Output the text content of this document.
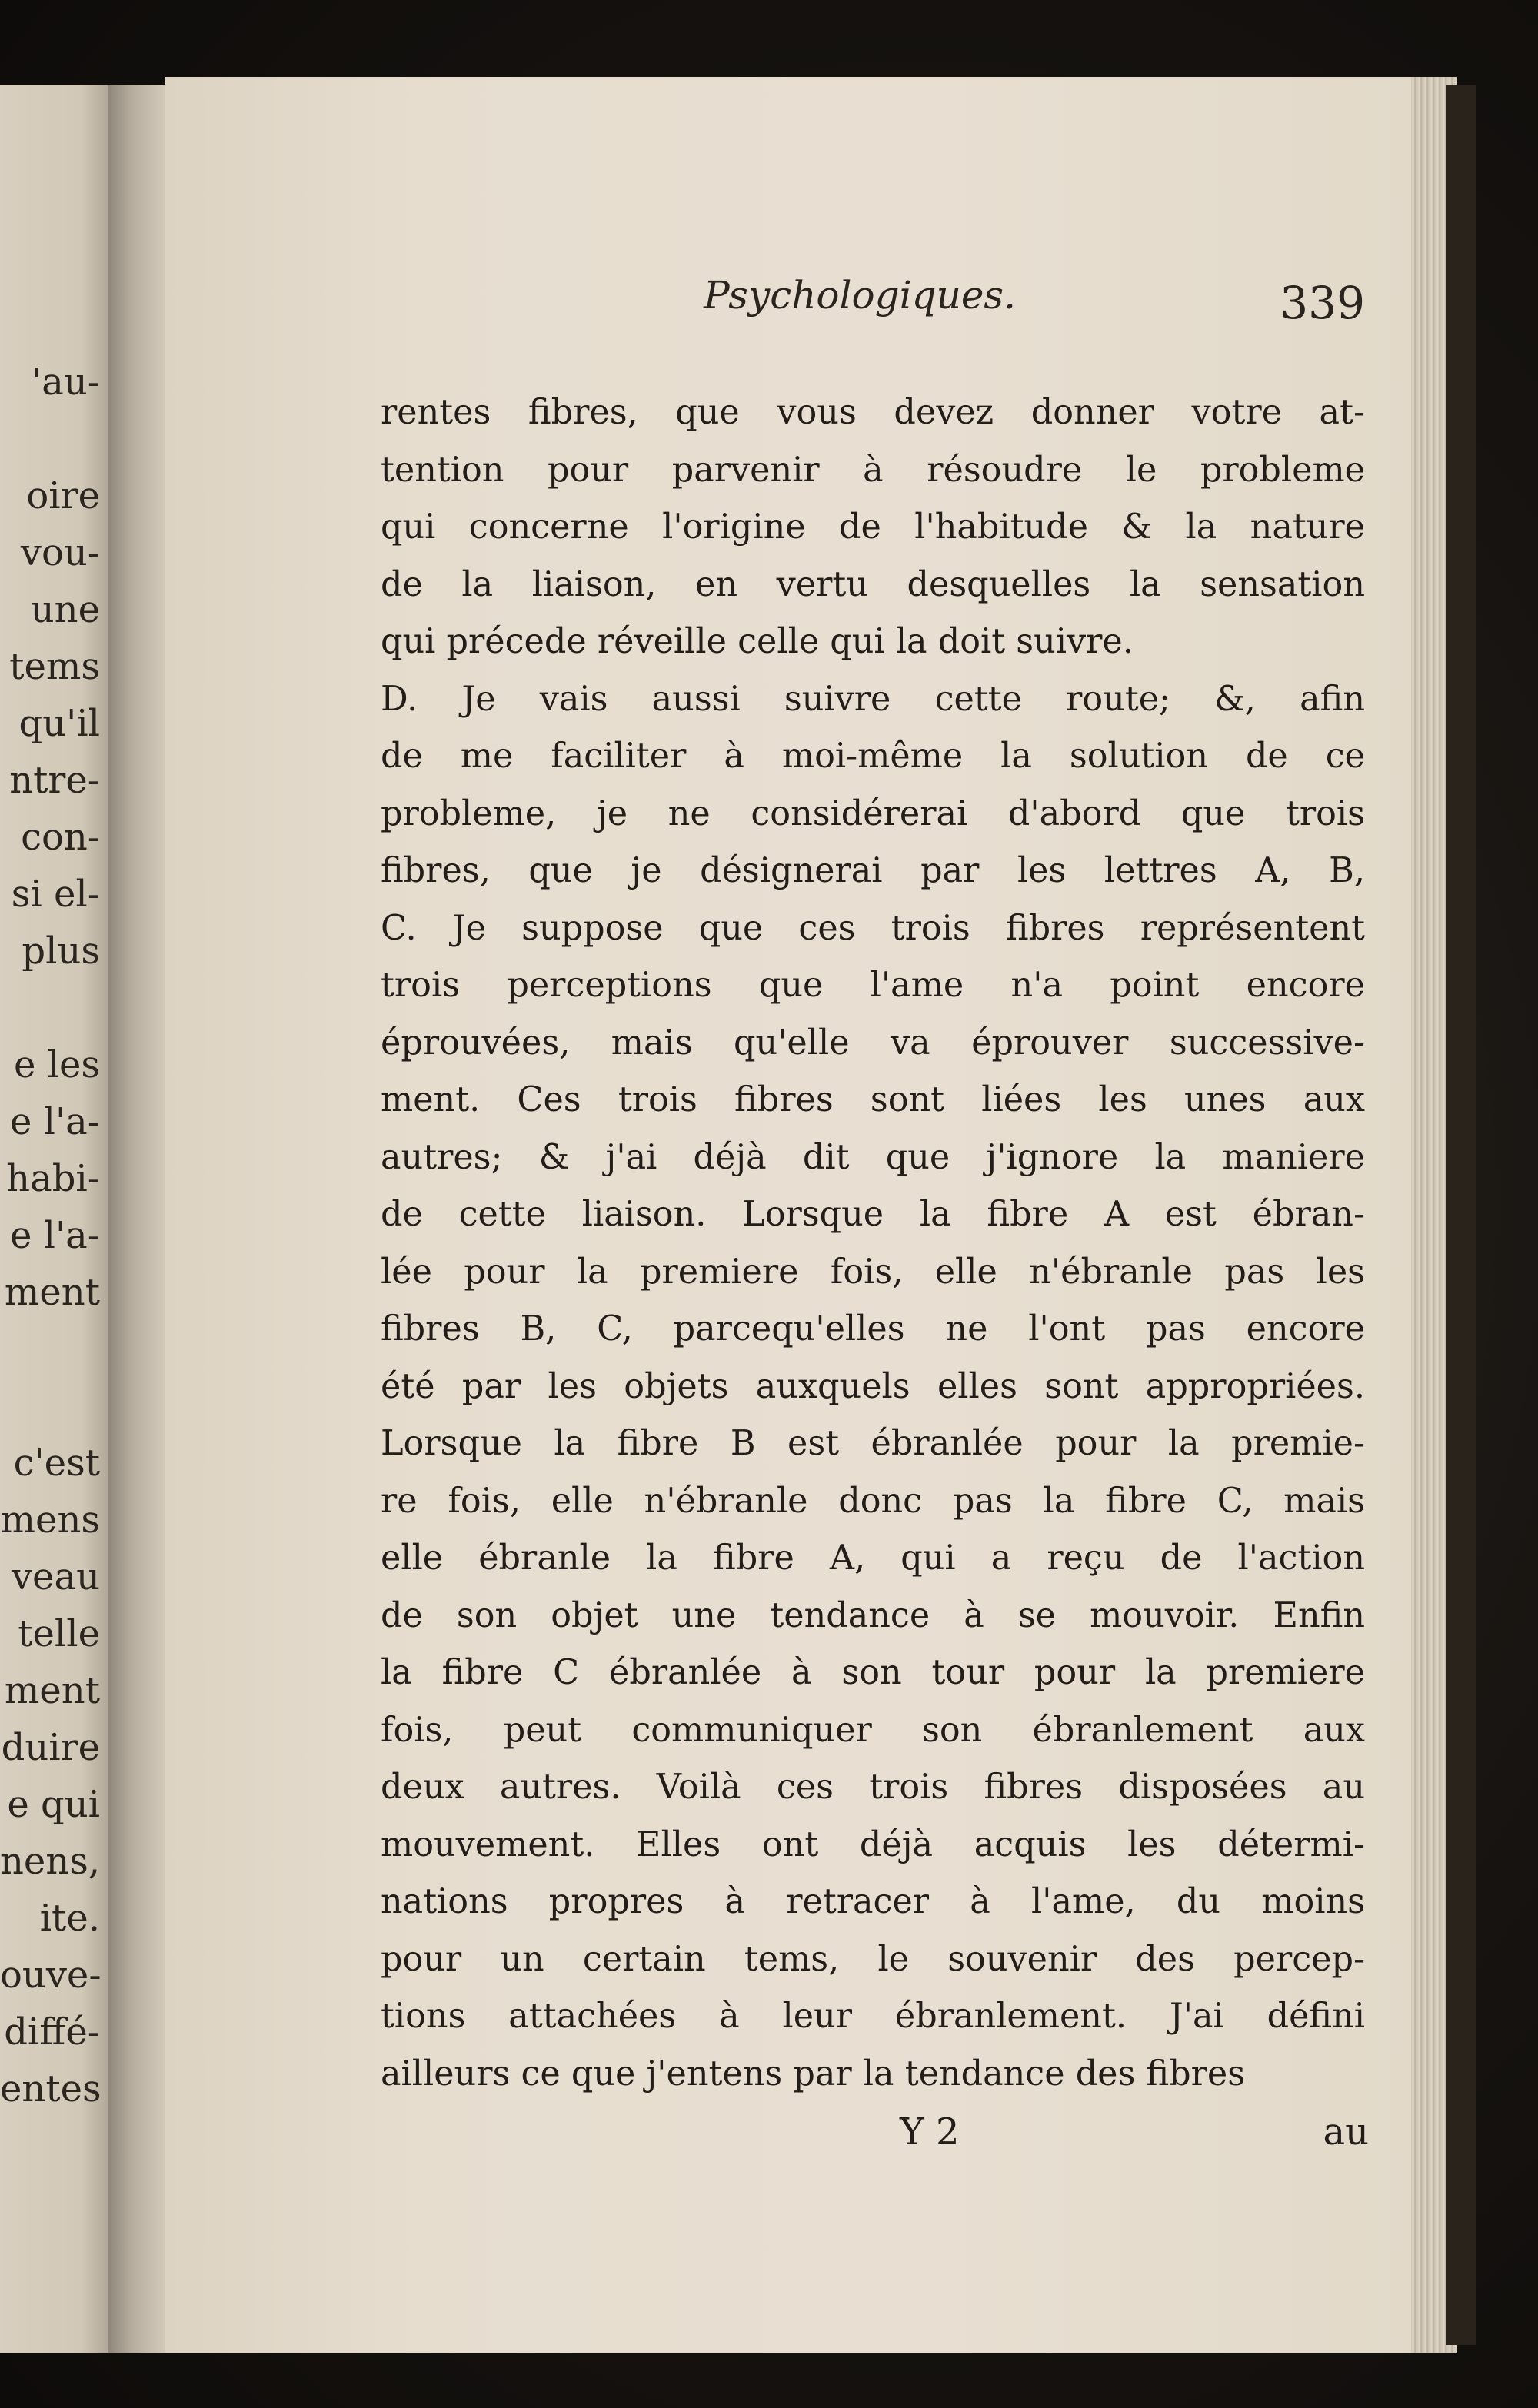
'au-
oire
vou-
une
tems
qu'il
ntre-
con-
si el-
plus
e les
e l'a-
habi-
e l'a-
ment
c'est
mens
veau
telle
ment
duire
e qui
nens,
ite.
ouve-
diffé-
entes
Psychologiques.	339
rentes fibres, que vous devez donner votre at-
tention pour parvenir à résoudre le probleme
qui concerne l'origine de l'habitude & la nature
de la liaison, en vertu desquelles la sensation
qui précede réveille celle qui la doit suivre.
D. Je vais aussi suivre cette route; &, afin
de me faciliter à moi-même la solution de ce
probleme, je ne considérerai d'abord que trois
fibres, que je désignerai par les lettres A, B,
C. Je suppose que ces trois fibres représentent
trois perceptions que l'ame n'a point encore
éprouvées, mais qu'elle va éprouver successive-
ment. Ces trois fibres sont liées les unes aux
autres; & j'ai déjà dit que j'ignore la maniere
de cette liaison. Lorsque la fibre A est ébran-
lée pour la premiere fois, elle n'ébranle pas les
fibres B, C, parcequ'elles ne l'ont pas encore
été par les objets auxquels elles sont appropriées.
Lorsque la fibre B est ébranlée pour la premie-
re fois, elle n'ébranle donc pas la fibre C, mais
elle ébranle la fibre A, qui a reçu de l'action
de son objet une tendance à se mouvoir. Enfin
la fibre C ébranlée à son tour pour la premiere
fois, peut communiquer son ébranlement aux
deux autres. Voilà ces trois fibres disposées au
mouvement. Elles ont déjà acquis les détermi-
nations propres à retracer à l'ame, du moins
pour un certain tems, le souvenir des percep-
tions attachées à leur ébranlement. J'ai défini
ailleurs ce que j'entens par la tendance des fibres
Y 2	au
